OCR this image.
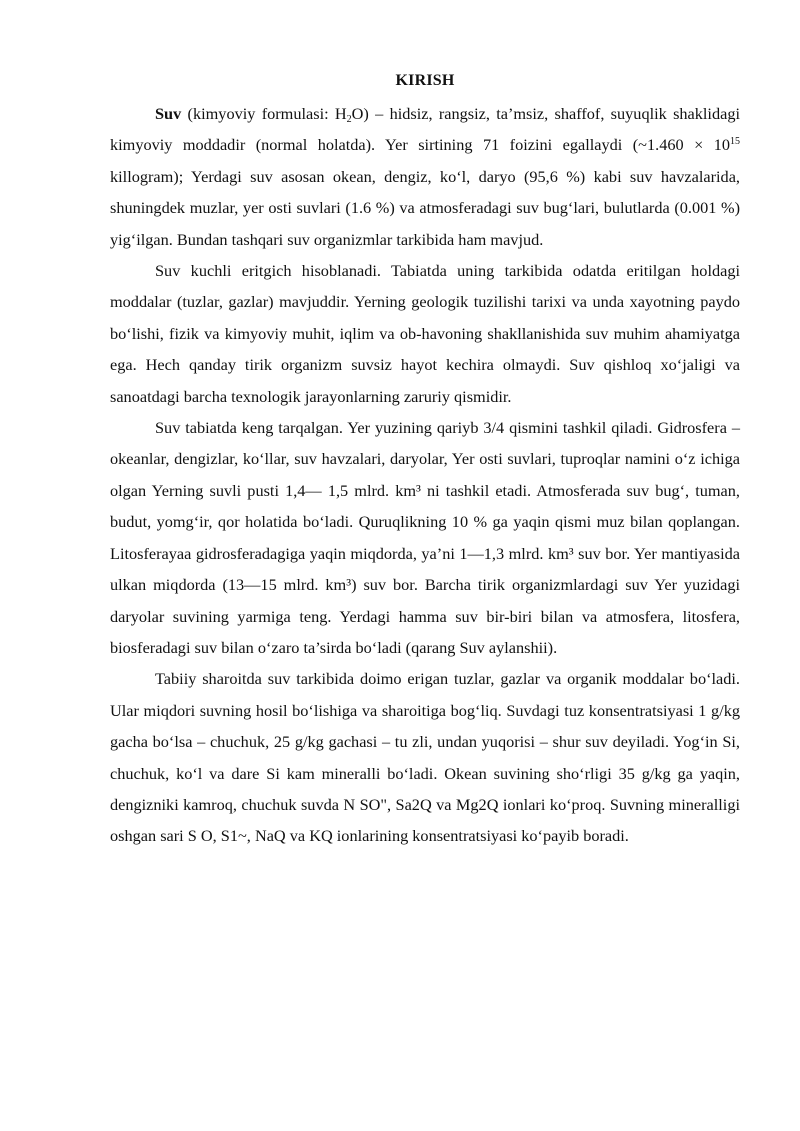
KIRISH

Suv (kimyoviy formulasi: $H_2O$) – hidsiz, rangsiz, ta’msiz, shaffof, suyuqlik shaklidagi kimyoviy moddadir (normal holatda). Yer sirtining 71 foizini egallaydi (~1.460 × $10^{15}$ killogram); Yerdagi suv asosan okean, dengiz, ko‘l, daryo (95,6 %) kabi suv havzalarida, shuningdek muzlar, yer osti suvlari (1.6 %) va atmosferadagi suv bug‘lari, bulutlarda (0.001 %) yig‘ilgan. Bundan tashqari suv organizmlar tarkibida ham mavjud.

Suv kuchli eritgich hisoblanadi. Tabiatda uning tarkibida odatda eritilgan holdagi moddalar (tuzlar, gazlar) mavjuddir. Yerning geologik tuzilishi tarixi va unda xayotning paydo bo‘lishi, fizik va kimyoviy muhit, iqlim va ob-havoning shakllanishida suv muhim ahamiyatga ega. Hech qanday tirik organizm suvsiz hayot kechira olmaydi. Suv qishloq xo‘jaligi va sanoatdagi barcha texnologik jarayonlarning zaruriy qismidir.

Suv tabiatda keng tarqalgan. Yer yuzining qariyb 3/4 qismini tashkil qiladi. Gidrosfera – okeanlar, dengizlar, ko‘llar, suv havzalari, daryolar, Yer osti suvlari, tuproqlar namini o‘z ichiga olgan Yerning suvli pusti 1,4— 1,5 mlrd. km³ ni tashkil etadi. Atmosferada suv bug‘, tuman, budut, yomg‘ir, qor holatida bo‘ladi. Quruqlikning 10 % ga yaqin qismi muz bilan qoplangan. Litosferayaa gidrosferadagiga yaqin miqdorda, ya’ni 1—1,3 mlrd. km³ suv bor. Yer mantiyasida ulkan miqdorda (13—15 mlrd. km³) suv bor. Barcha tirik organizmlardagi suv Yer yuzidagi daryolar suvining yarmiga teng. Yerdagi hamma suv bir-biri bilan va atmosfera, litosfera, biosferadagi suv bilan o‘zaro ta’sirda bo‘ladi (qarang Suv aylanshii).

Tabiiy sharoitda suv tarkibida doimo erigan tuzlar, gazlar va organik moddalar bo‘ladi. Ular miqdori suvning hosil bo‘lishiga va sharoitiga bog‘liq. Suvdagi tuz konsentratsiyasi 1 g/kg gacha bo‘lsa – chuchuk, 25 g/kg gachasi – tu zli, undan yuqorisi – shur suv deyiladi. Yog‘in Si, chuchuk, ko‘l va dare Si kam mineralli bo‘ladi. Okean suvining sho‘rligi 35 g/kg ga yaqin, dengizniki kamroq, chuchuk suvda N SO", Sa2Q va Mg2Q ionlari ko‘proq. Suvning mineralligi oshgan sari S O, S1~, NaQ va KQ ionlarining konsentratsiyasi ko‘payib boradi.
